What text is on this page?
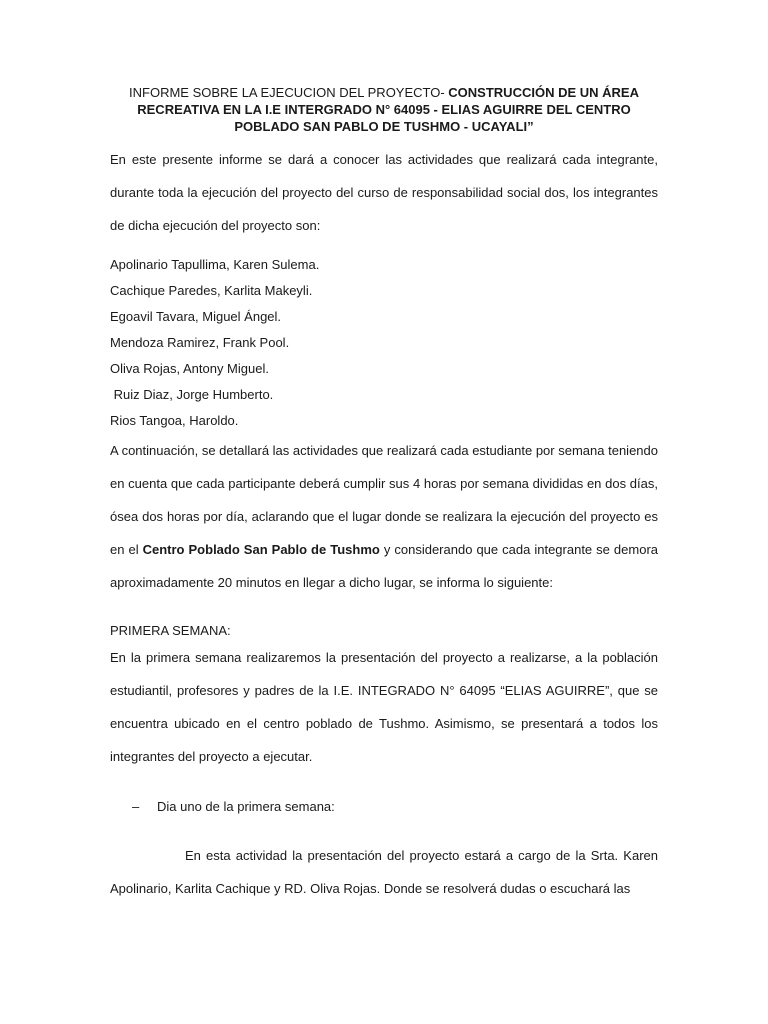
INFORME SOBRE LA EJECUCION DEL PROYECTO- CONSTRUCCIÓN DE UN ÁREA RECREATIVA EN LA I.E INTERGRADO N° 64095 - ELIAS AGUIRRE DEL CENTRO POBLADO SAN PABLO DE TUSHMO - UCAYALI”

En este presente informe se dará a conocer las actividades que realizará cada integrante, durante toda la ejecución del proyecto del curso de responsabilidad social dos, los integrantes de dicha ejecución del proyecto son:

Apolinario Tapullima, Karen Sulema.
Cachique Paredes, Karlita Makeyli.
Egoavil Tavara, Miguel Ángel.
Mendoza Ramirez, Frank Pool.
Oliva Rojas, Antony Miguel.
Ruiz Diaz, Jorge Humberto.
Rios Tangoa, Haroldo.

A continuación, se detallará las actividades que realizará cada estudiante por semana teniendo en cuenta que cada participante deberá cumplir sus 4 horas por semana divididas en dos días, ósea dos horas por día, aclarando que el lugar donde se realizara la ejecución del proyecto es en el Centro Poblado San Pablo de Tushmo y considerando que cada integrante se demora aproximadamente 20 minutos en llegar a dicho lugar, se informa lo siguiente:

PRIMERA SEMANA:

En la primera semana realizaremos la presentación del proyecto a realizarse, a la población estudiantil, profesores y padres de la I.E. INTEGRADO N° 64095 “ELIAS AGUIRRE”, que se encuentra ubicado en el centro poblado de Tushmo. Asimismo, se presentará a todos los integrantes del proyecto a ejecutar.

–	Dia uno de la primera semana:

En esta actividad la presentación del proyecto estará a cargo de la Srta. Karen Apolinario, Karlita Cachique y RD. Oliva Rojas. Donde se resolverá dudas o escuchará las
